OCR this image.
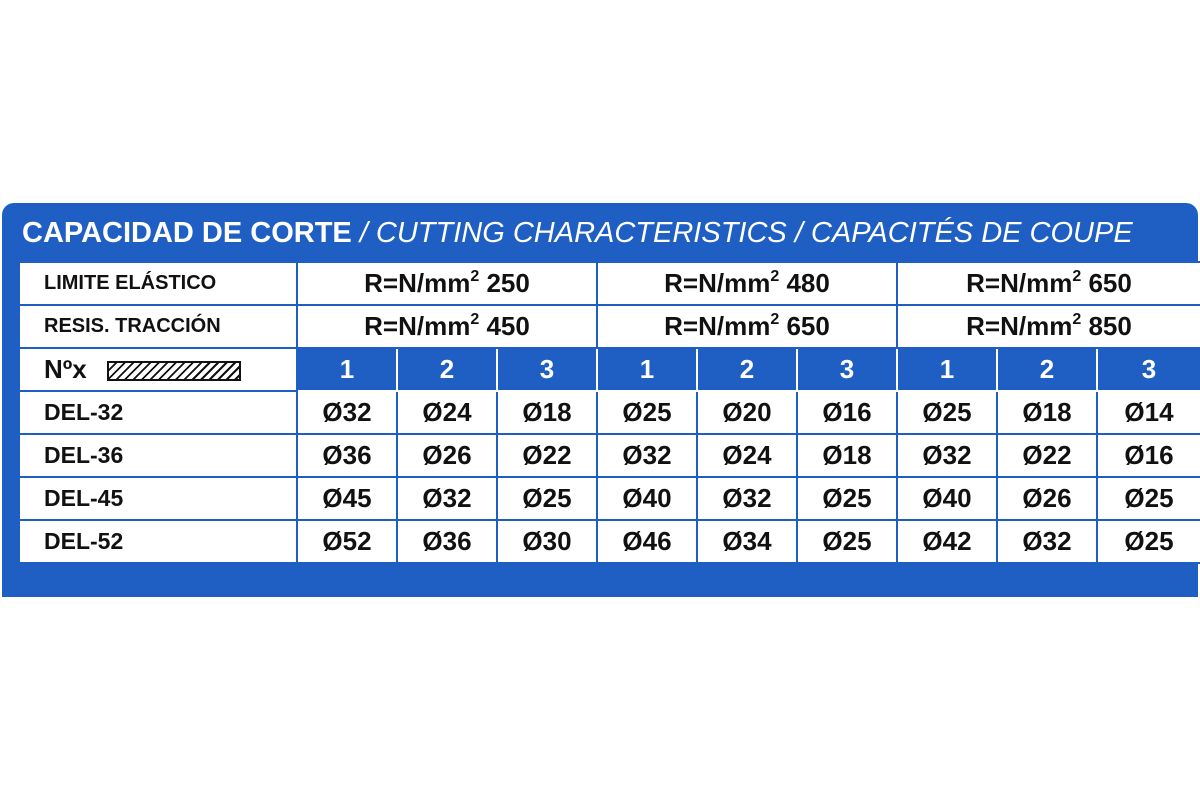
CAPACIDAD DE CORTE / CUTTING CHARACTERISTICS / CAPACITÉS DE COUPE
LIMITE ELÁSTICO	$R=N/mm^2$ 250			$R=N/mm^2$ 480			$R=N/mm^2$ 650		
RESIS. TRACCIÓN	$R=N/mm^2$ 450			$R=N/mm^2$ 650			$R=N/mm^2$ 850		
Nºx	1	2	3	1	2	3	1	2	3
DEL-32	Ø32	Ø24	Ø18	Ø25	Ø20	Ø16	Ø25	Ø18	Ø14
DEL-36	Ø36	Ø26	Ø22	Ø32	Ø24	Ø18	Ø32	Ø22	Ø16
DEL-45	Ø45	Ø32	Ø25	Ø40	Ø32	Ø25	Ø40	Ø26	Ø25
DEL-52	Ø52	Ø36	Ø30	Ø46	Ø34	Ø25	Ø42	Ø32	Ø25
